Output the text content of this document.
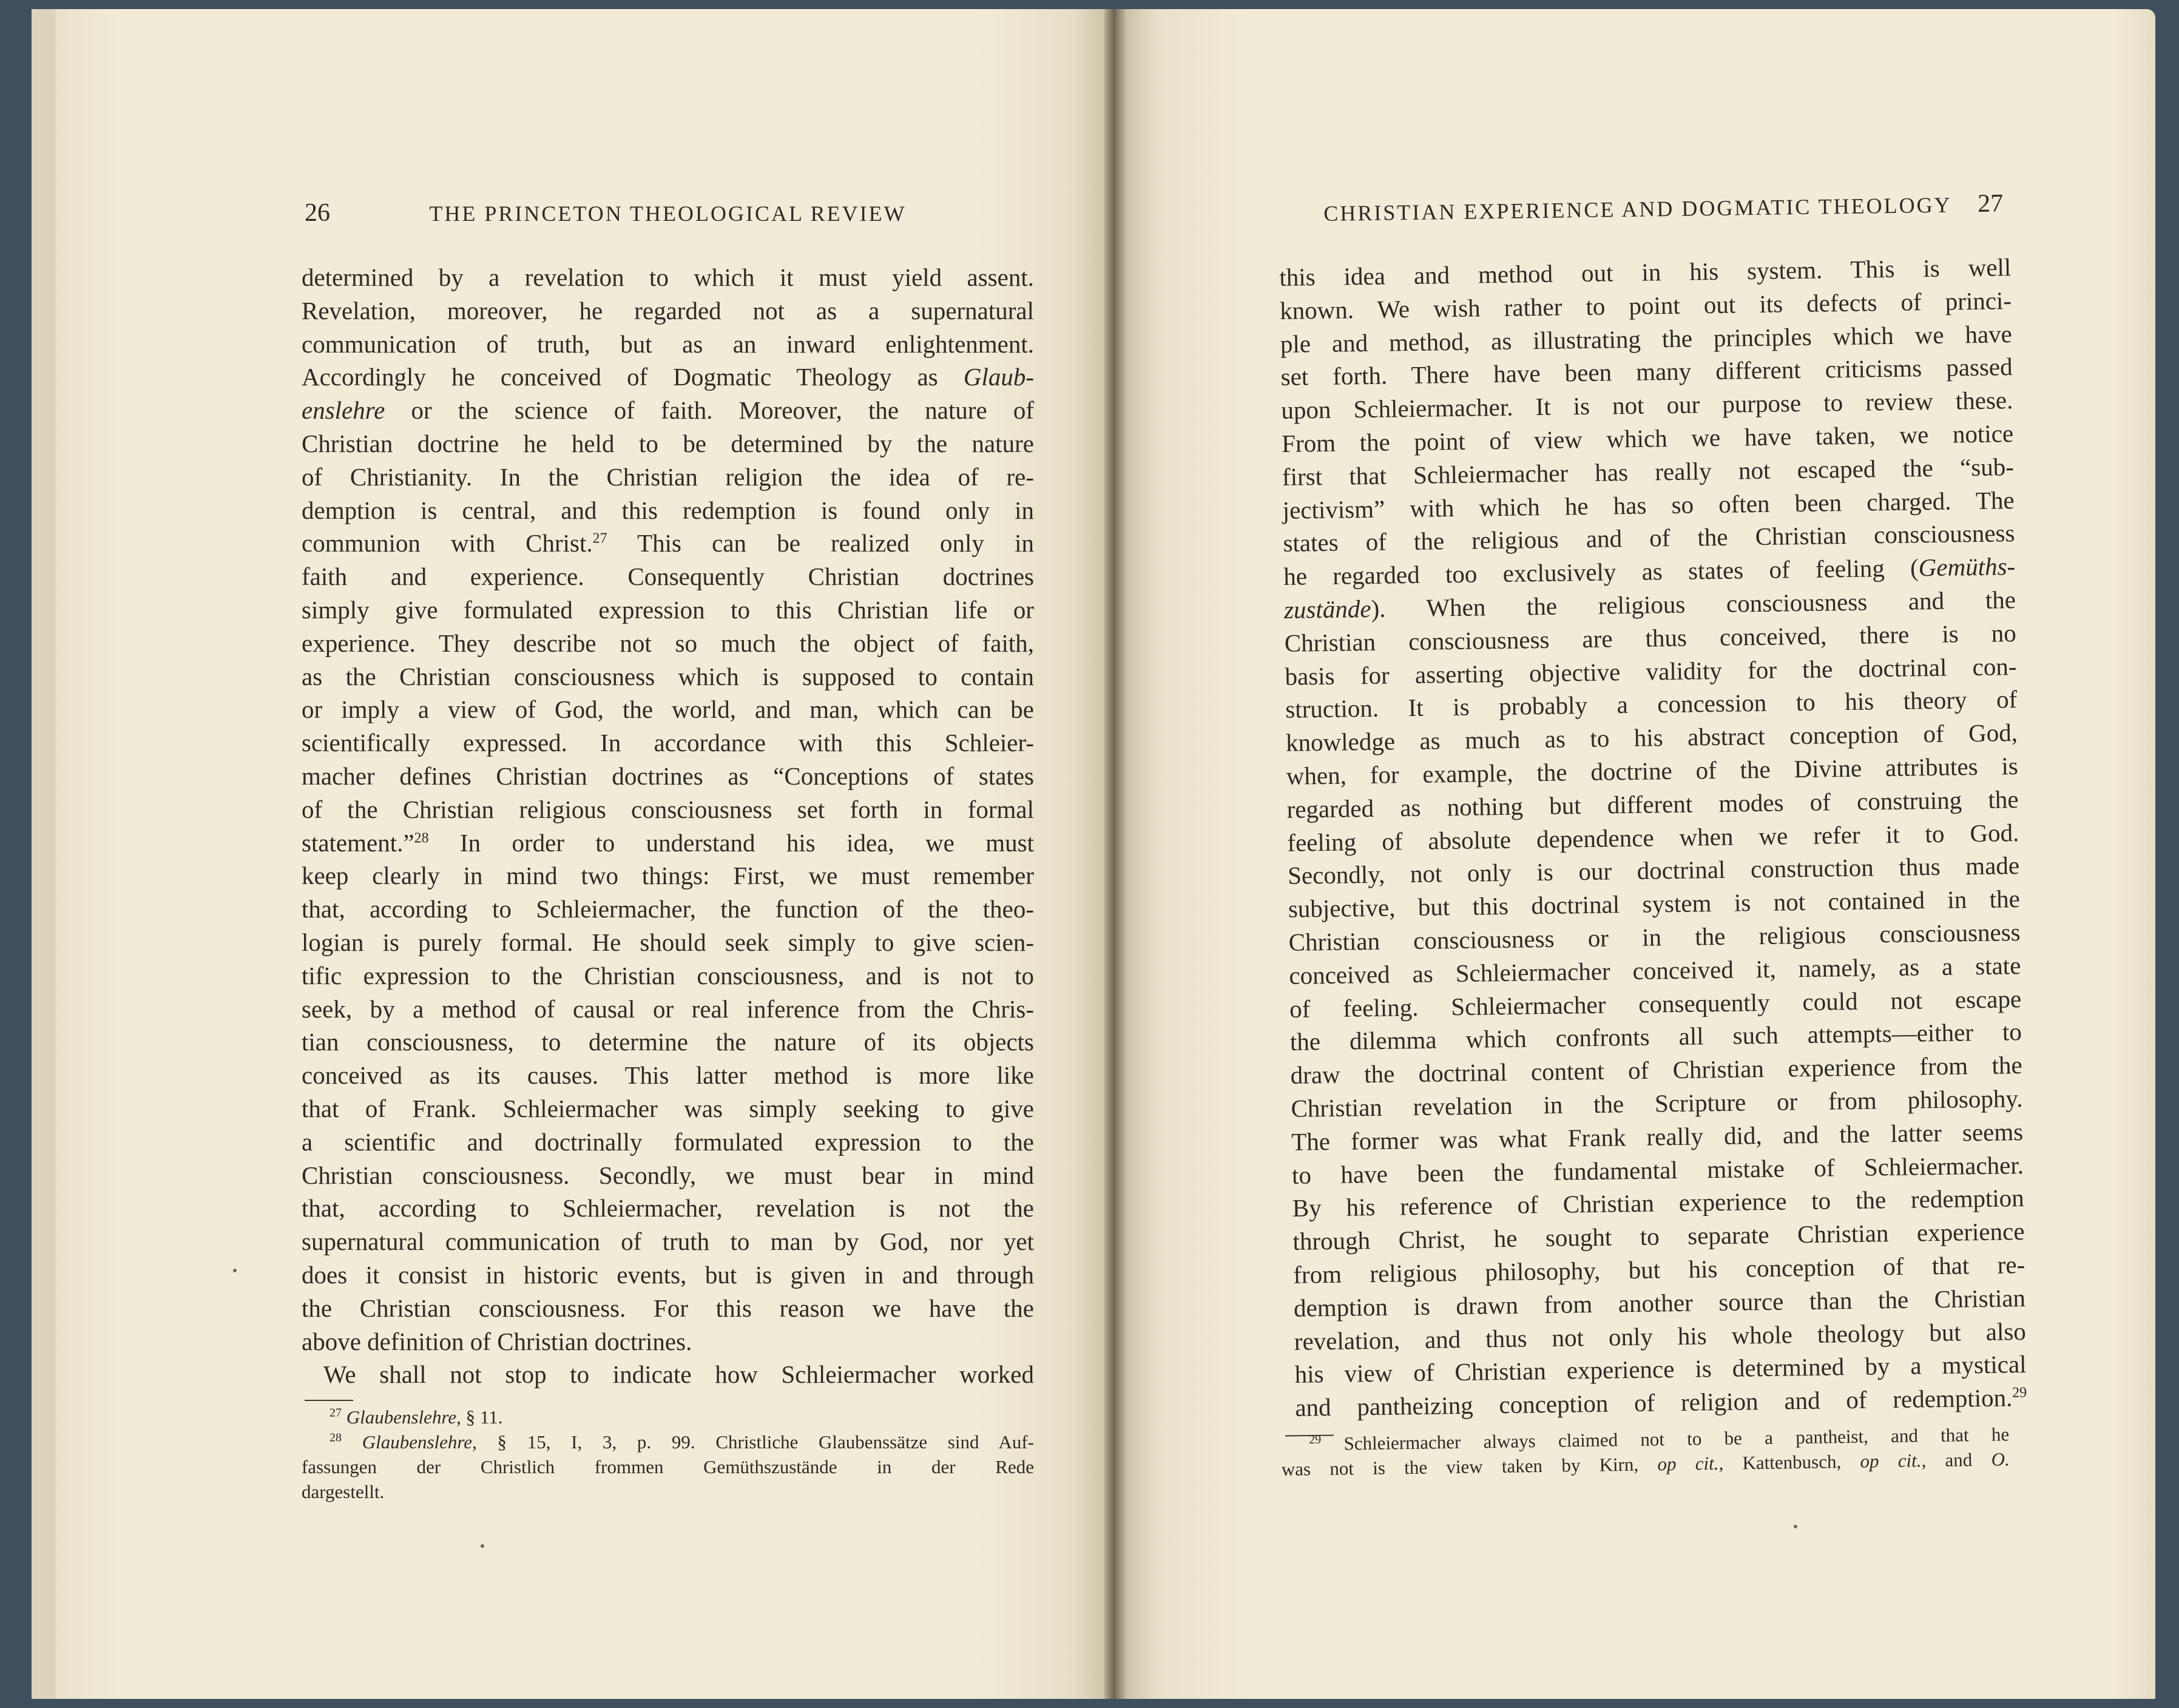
26	THE PRINCETON THEOLOGICAL REVIEW
determined by a revelation to which it must yield assent.
Revelation, moreover, he regarded not as a supernatural
communication of truth, but as an inward enlightenment.
Accordingly he conceived of Dogmatic Theology as Glaub-
enslehre or the science of faith. Moreover, the nature of
Christian doctrine he held to be determined by the nature
of Christianity. In the Christian religion the idea of re-
demption is central, and this redemption is found only in
communion with Christ.$^{27}$ This can be realized only in
faith and experience. Consequently Christian doctrines
simply give formulated expression to this Christian life or
experience. They describe not so much the object of faith,
as the Christian consciousness which is supposed to contain
or imply a view of God, the world, and man, which can be
scientifically expressed. In accordance with this Schleier-
macher defines Christian doctrines as “Conceptions of states
of the Christian religious consciousness set forth in formal
statement.”$^{28}$ In order to understand his idea, we must
keep clearly in mind two things: First, we must remember
that, according to Schleiermacher, the function of the theo-
logian is purely formal. He should seek simply to give scien-
tific expression to the Christian consciousness, and is not to
seek, by a method of causal or real inference from the Chris-
tian consciousness, to determine the nature of its objects
conceived as its causes. This latter method is more like
that of Frank. Schleiermacher was simply seeking to give
a scientific and doctrinally formulated expression to the
Christian consciousness. Secondly, we must bear in mind
that, according to Schleiermacher, revelation is not the
supernatural communication of truth to man by God, nor yet
does it consist in historic events, but is given in and through
the Christian consciousness. For this reason we have the
above definition of Christian doctrines.
We shall not stop to indicate how Schleiermacher worked
$^{27}$ Glaubenslehre, § 11.
$^{28}$ Glaubenslehre, § 15, I, 3, p. 99. Christliche Glaubenssätze sind Auf-
fassungen der Christlich frommen Gemüthszustände in der Rede
dargestellt.
CHRISTIAN EXPERIENCE AND DOGMATIC THEOLOGY 27
this idea and method out in his system. This is well
known. We wish rather to point out its defects of princi-
ple and method, as illustrating the principles which we have
set forth. There have been many different criticisms passed
upon Schleiermacher. It is not our purpose to review these.
From the point of view which we have taken, we notice
first that Schleiermacher has really not escaped the “sub-
jectivism” with which he has so often been charged. The
states of the religious and of the Christian consciousness
he regarded too exclusively as states of feeling (Gemüths-
zustände). When the religious consciousness and the
Christian consciousness are thus conceived, there is no
basis for asserting objective validity for the doctrinal con-
struction. It is probably a concession to his theory of
knowledge as much as to his abstract conception of God,
when, for example, the doctrine of the Divine attributes is
regarded as nothing but different modes of construing the
feeling of absolute dependence when we refer it to God.
Secondly, not only is our doctrinal construction thus made
subjective, but this doctrinal system is not contained in the
Christian consciousness or in the religious consciousness
conceived as Schleiermacher conceived it, namely, as a state
of feeling. Schleiermacher consequently could not escape
the dilemma which confronts all such attempts—either to
draw the doctrinal content of Christian experience from the
Christian revelation in the Scripture or from philosophy.
The former was what Frank really did, and the latter seems
to have been the fundamental mistake of Schleiermacher.
By his reference of Christian experience to the redemption
through Christ, he sought to separate Christian experience
from religious philosophy, but his conception of that re-
demption is drawn from another source than the Christian
revelation, and thus not only his whole theology but also
his view of Christian experience is determined by a mystical
and pantheizing conception of religion and of redemption.$^{29}$
$^{29}$ Schleiermacher always claimed not to be a pantheist, and that he
was not is the view taken by Kirn, op cit., Kattenbusch, op cit., and O.
